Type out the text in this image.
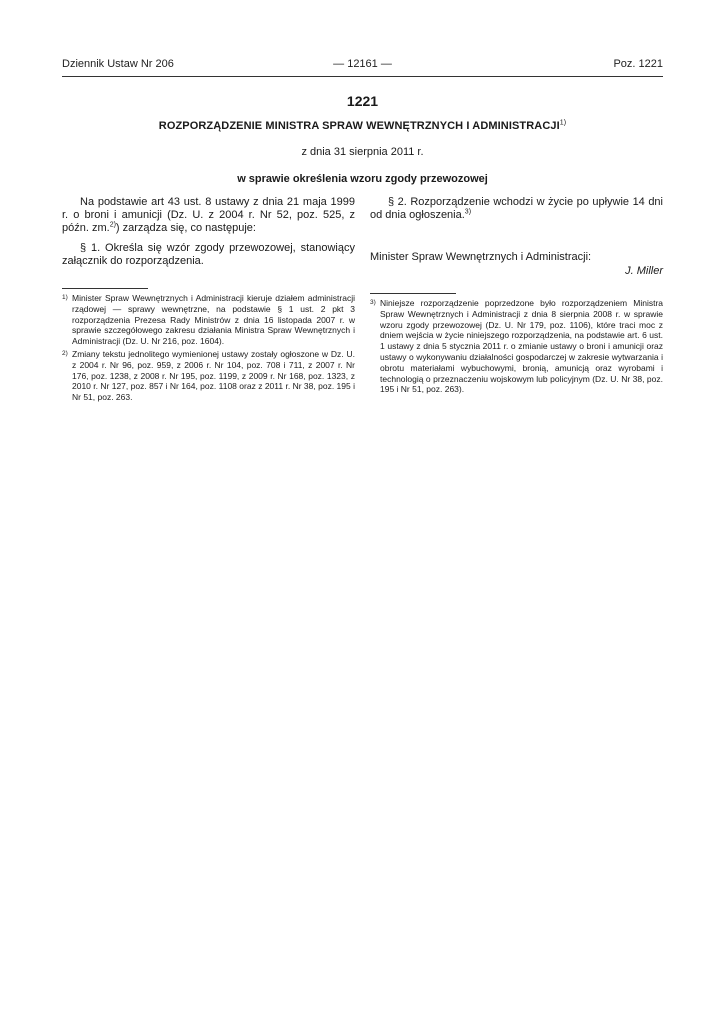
Dziennik Ustaw Nr 206	— 12161 —	Poz. 1221
1221
ROZPORZĄDZENIE MINISTRA SPRAW WEWNĘTRZNYCH I ADMINISTRACJI$^{1)}$
z dnia 31 sierpnia 2011 r.
w sprawie określenia wzoru zgody przewozowej

Na podstawie art 43 ust. 8 ustawy z dnia 21 maja 1999 r. o broni i amunicji (Dz. U. z 2004 r. Nr 52, poz. 525, z późn. zm.$^{2)}$) zarządza się, co następuje:

§ 1. Określa się wzór zgody przewozowej, stanowiący załącznik do rozporządzenia.

§ 2. Rozporządzenie wchodzi w życie po upływie 14 dni od dnia ogłoszenia.$^{3)}$

Minister Spraw Wewnętrznych i Administracji:
J. Miller
1) Minister Spraw Wewnętrznych i Administracji kieruje działem administracji rządowej — sprawy wewnętrzne, na podstawie § 1 ust. 2 pkt 3 rozporządzenia Prezesa Rady Ministrów z dnia 16 listopada 2007 r. w sprawie szczegółowego zakresu działania Ministra Spraw Wewnętrznych i Administracji (Dz. U. Nr 216, poz. 1604).
2) Zmiany tekstu jednolitego wymienionej ustawy zostały ogłoszone w Dz. U. z 2004 r. Nr 96, poz. 959, z 2006 r. Nr 104, poz. 708 i 711, z 2007 r. Nr 176, poz. 1238, z 2008 r. Nr 195, poz. 1199, z 2009 r. Nr 168, poz. 1323, z 2010 r. Nr 127, poz. 857 i Nr 164, poz. 1108 oraz z 2011 r. Nr 38, poz. 195 i Nr 51, poz. 263.
3) Niniejsze rozporządzenie poprzedzone było rozporządzeniem Ministra Spraw Wewnętrznych i Administracji z dnia 8 sierpnia 2008 r. w sprawie wzoru zgody przewozowej (Dz. U. Nr 179, poz. 1106), które traci moc z dniem wejścia w życie niniejszego rozporządzenia, na podstawie art. 6 ust. 1 ustawy z dnia 5 stycznia 2011 r. o zmianie ustawy o broni i amunicji oraz ustawy o wykonywaniu działalności gospodarczej w zakresie wytwarzania i obrotu materiałami wybuchowymi, bronią, amunicją oraz wyrobami i technologią o przeznaczeniu wojskowym lub policyjnym (Dz. U. Nr 38, poz. 195 i Nr 51, poz. 263).
